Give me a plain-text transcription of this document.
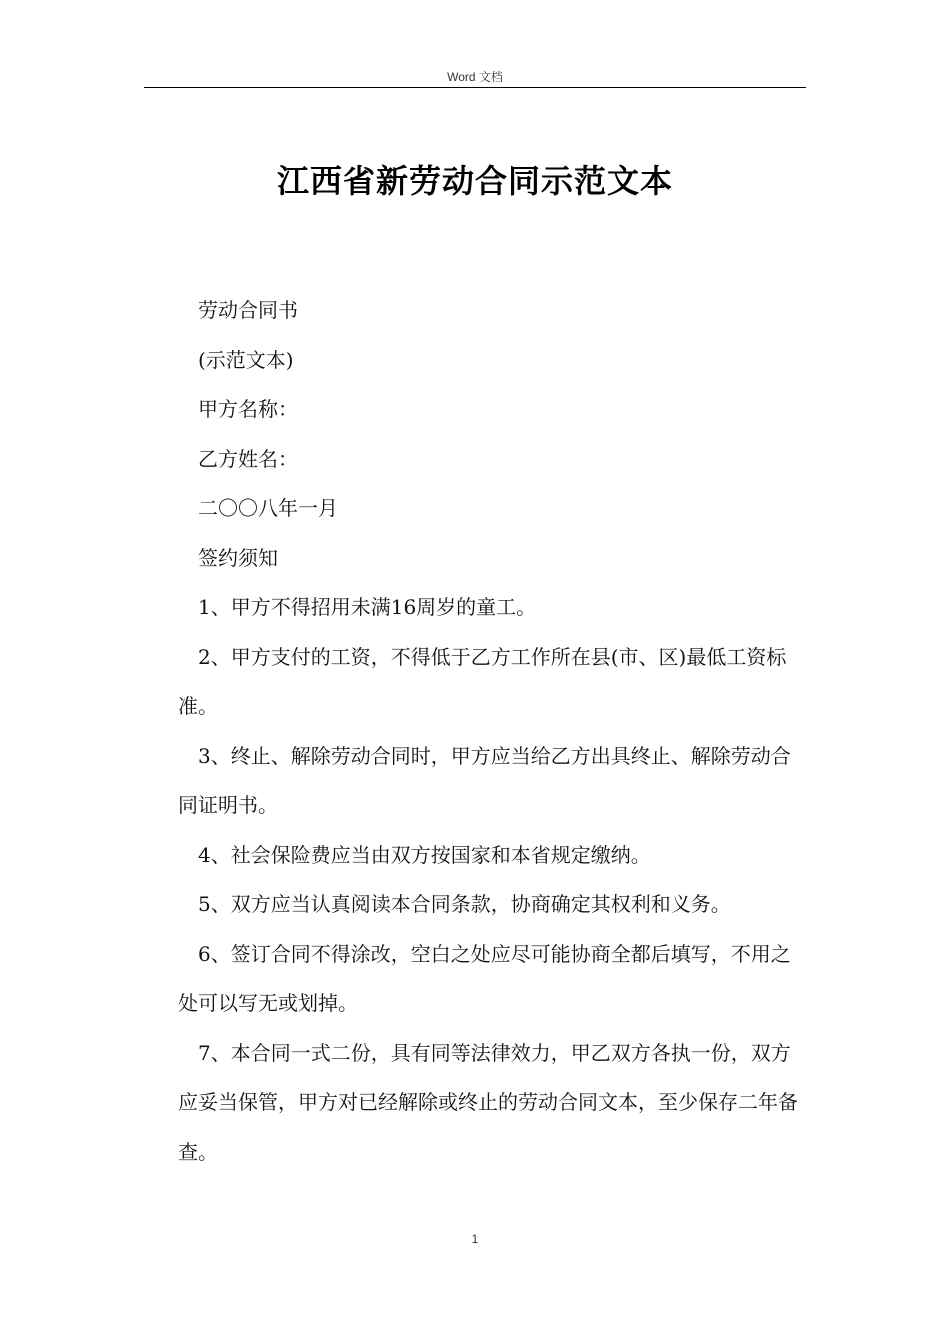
Word 文档
江西省新劳动合同示范文本

劳动合同书

(示范文本)

甲方名称：

乙方姓名：

二〇〇八年一月

签约须知

1、甲方不得招用未满16周岁的童工。

2、甲方支付的工资，不得低于乙方工作所在县(市、区)最低工资标准。

3、终止、解除劳动合同时，甲方应当给乙方出具终止、解除劳动合同证明书。

4、社会保险费应当由双方按国家和本省规定缴纳。

5、双方应当认真阅读本合同条款，协商确定其权利和义务。

6、签订合同不得涂改，空白之处应尽可能协商全都后填写，不用之处可以写无或划掉。

7、本合同一式二份，具有同等法律效力，甲乙双方各执一份，双方应妥当保管，甲方对已经解除或终止的劳动合同文本，至少保存二年备查。

1
